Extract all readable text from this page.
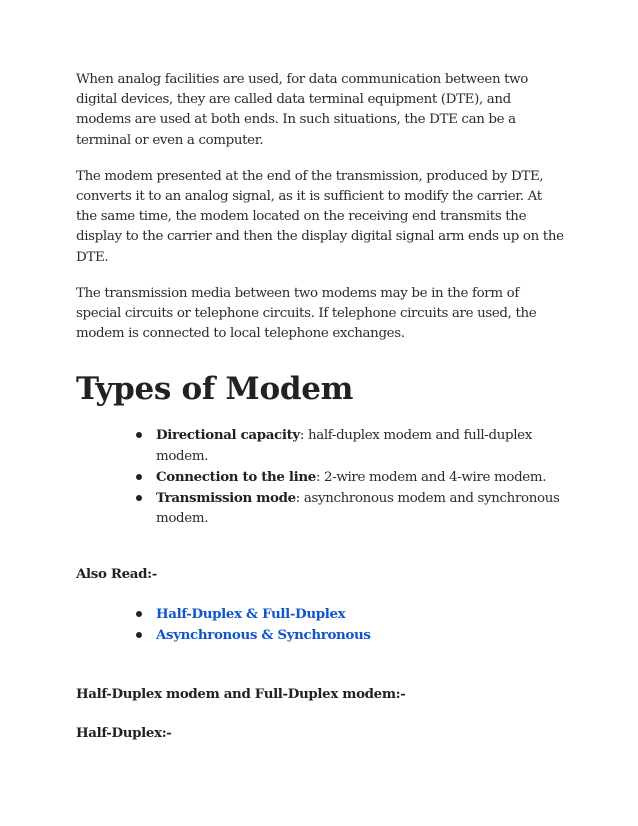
When analog facilities are used, for data communication between two digital devices, they are called data terminal equipment (DTE), and modems are used at both ends. In such situations, the DTE can be a terminal or even a computer.

The modem presented at the end of the transmission, produced by DTE, converts it to an analog signal, as it is sufficient to modify the carrier. At the same time, the modem located on the receiving end transmits the display to the carrier and then the display digital signal arm ends up on the DTE.

The transmission media between two modems may be in the form of special circuits or telephone circuits. If telephone circuits are used, the modem is connected to local telephone exchanges.

Types of Modem
Directional capacity: half-duplex modem and full-duplex modem.
Connection to the line: 2-wire modem and 4-wire modem.
Transmission mode: asynchronous modem and synchronous modem.

Also Read:-

Half-Duplex & Full-Duplex
Asynchronous & Synchronous

Half-Duplex modem and Full-Duplex modem:-

Half-Duplex:-
